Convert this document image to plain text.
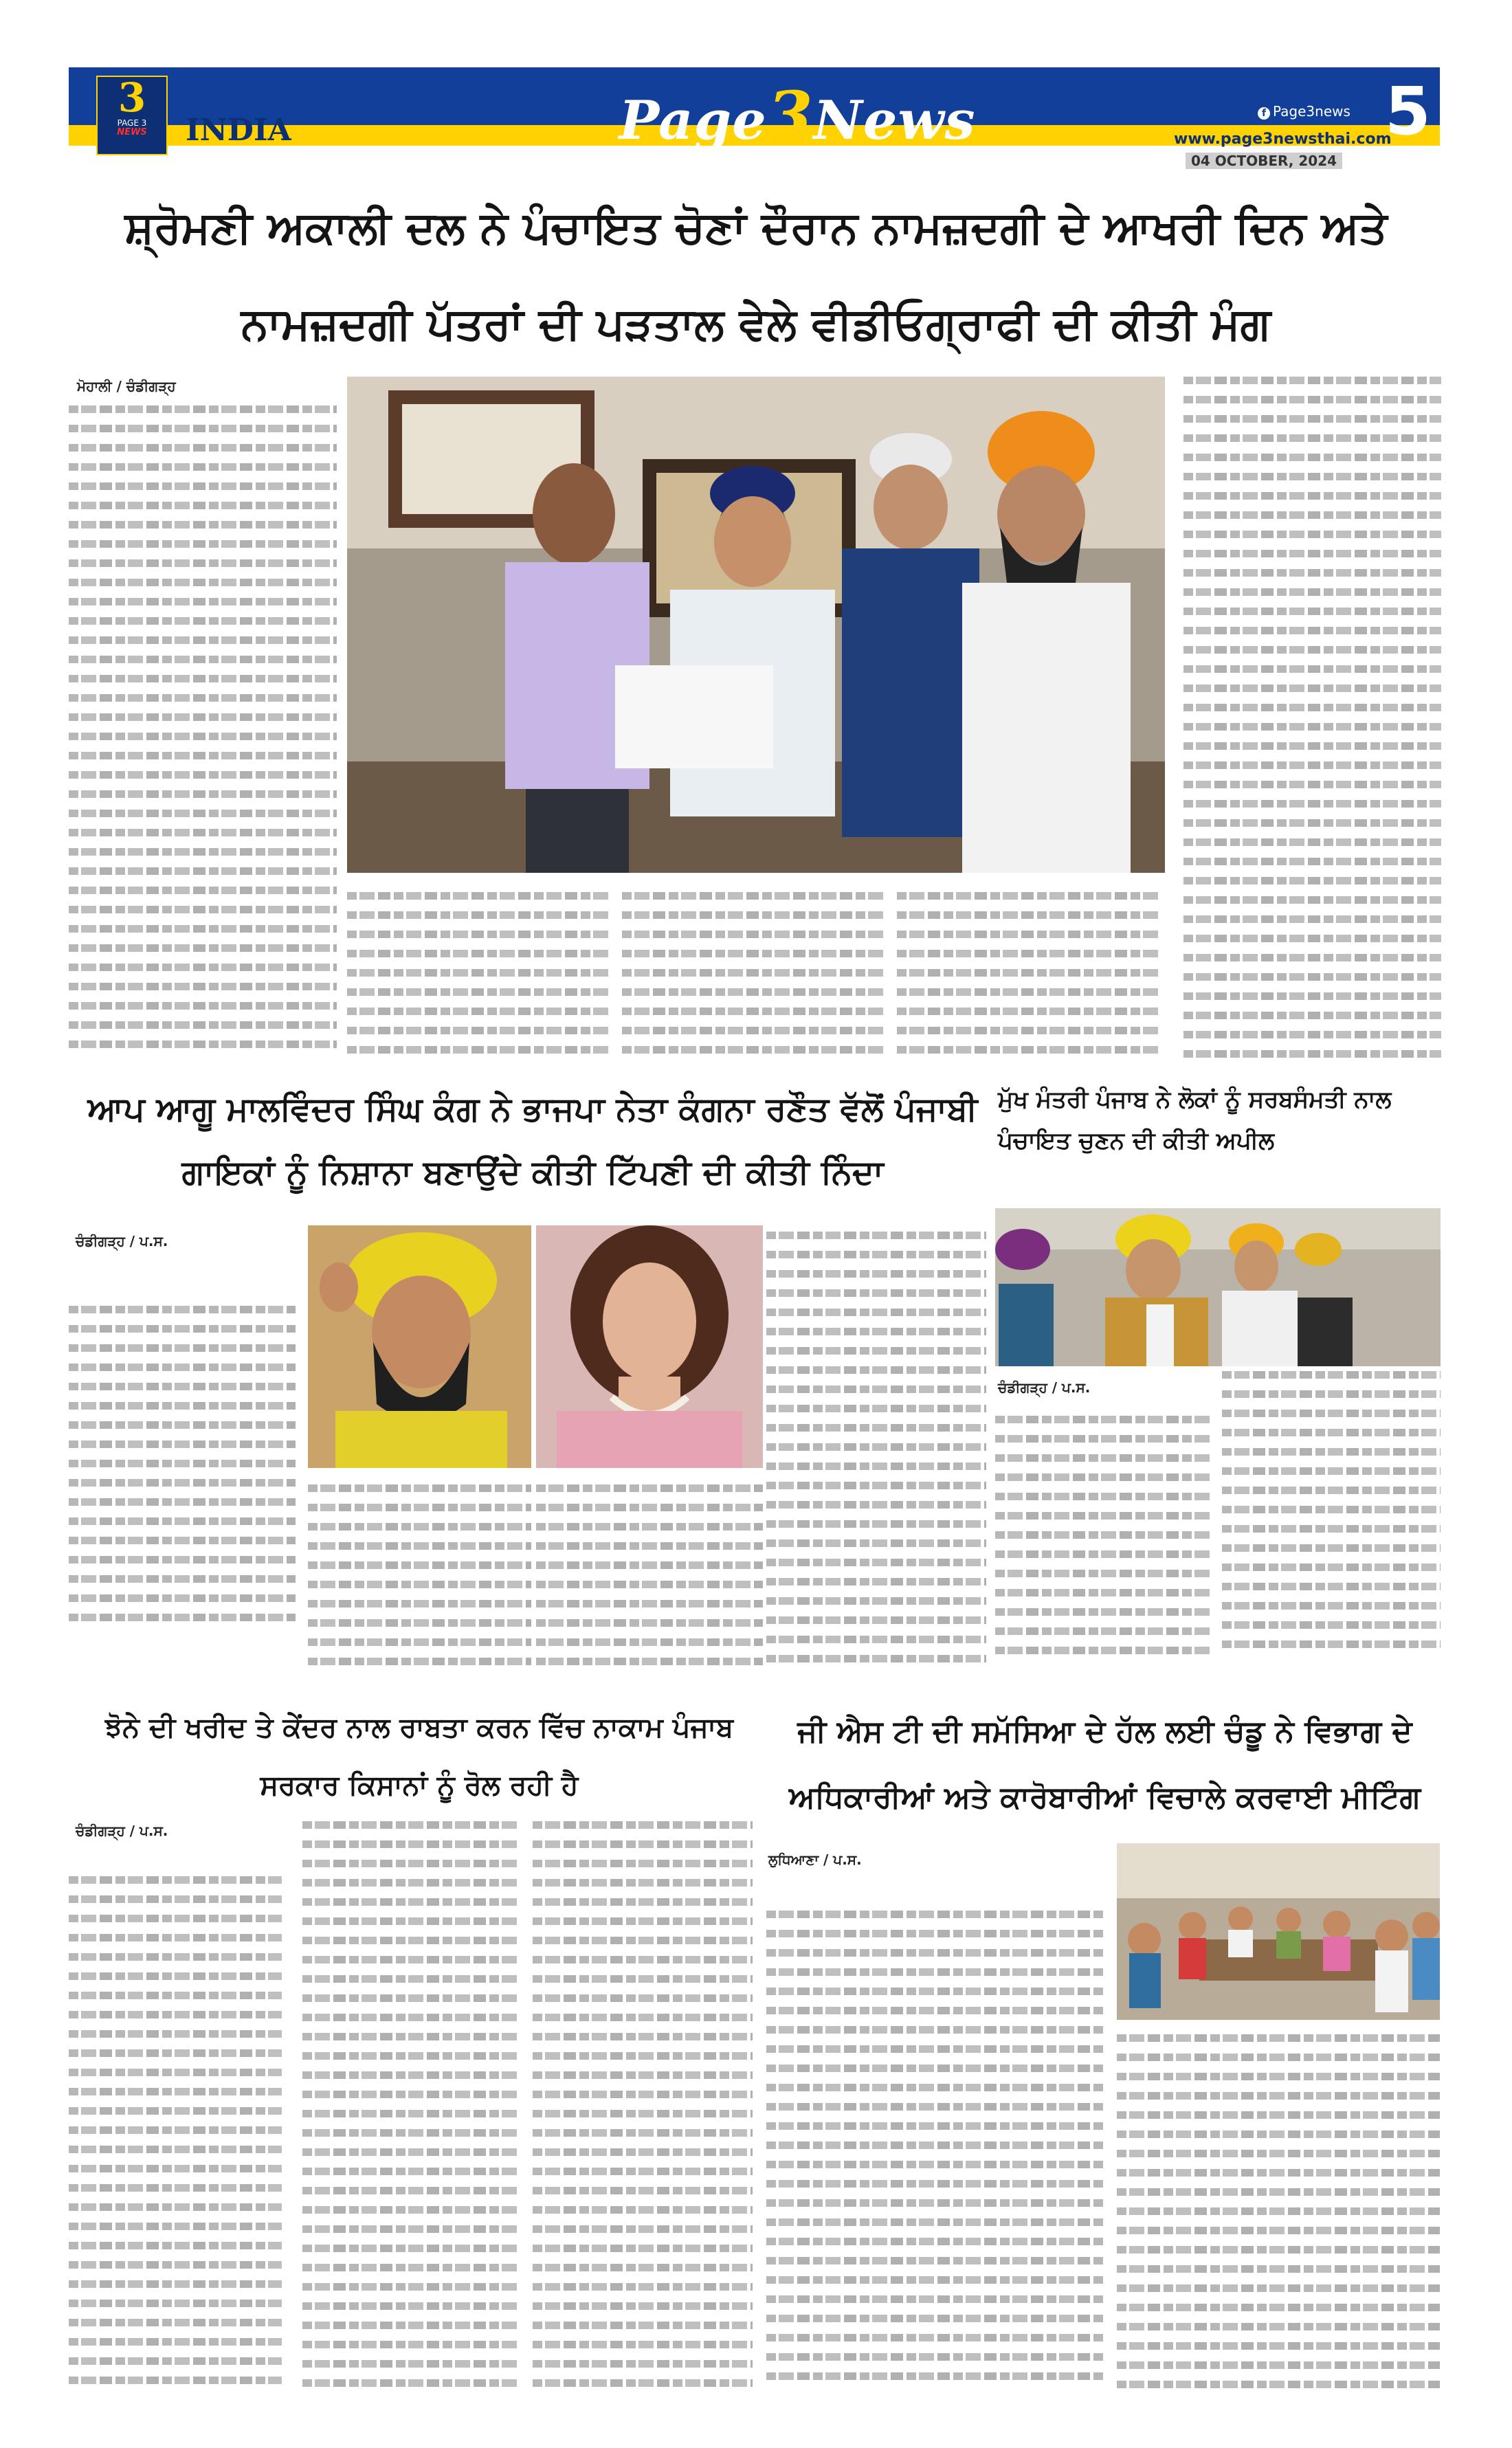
3
PAGE 3
NEWS	INDIA	Page3News	f Page3news
www.page3newsthai.com
04 OCTOBER, 2024
5
ਸ਼੍ਰੋਮਣੀ ਅਕਾਲੀ ਦਲ ਨੇ ਪੰਚਾਇਤ ਚੋਣਾਂ ਦੌਰਾਨ ਨਾਮਜ਼ਦਗੀ ਦੇ ਆਖਰੀ ਦਿਨ ਅਤੇ ਨਾਮਜ਼ਦਗੀ ਪੱਤਰਾਂ ਦੀ ਪੜਤਾਲ ਵੇਲੇ ਵੀਡੀਓਗ੍ਰਾਫੀ ਦੀ ਕੀਤੀ ਮੰਗ
ਮੋਹਾਲੀ / ਚੰਡੀਗੜ੍ਹ
ਆਪ ਆਗੂ ਮਾਲਵਿੰਦਰ ਸਿੰਘ ਕੰਗ ਨੇ ਭਾਜਪਾ ਨੇਤਾ ਕੰਗਨਾ ਰਣੌਤ ਵੱਲੋਂ ਪੰਜਾਬੀ ਗਾਇਕਾਂ ਨੂੰ ਨਿਸ਼ਾਨਾ ਬਣਾਉਂਦੇ ਕੀਤੀ ਟਿੱਪਣੀ ਦੀ ਕੀਤੀ ਨਿੰਦਾ
ਚੰਡੀਗੜ੍ਹ / ਪ.ਸ.
ਮੁੱਖ ਮੰਤਰੀ ਪੰਜਾਬ ਨੇ ਲੋਕਾਂ ਨੂੰ ਸਰਬਸੰਮਤੀ ਨਾਲ ਪੰਚਾਇਤ ਚੁਣਨ ਦੀ ਕੀਤੀ ਅਪੀਲ
ਚੰਡੀਗੜ੍ਹ / ਪ.ਸ.
ਝੋਨੇ ਦੀ ਖਰੀਦ ਤੇ ਕੇਂਦਰ ਨਾਲ ਰਾਬਤਾ ਕਰਨ ਵਿੱਚ ਨਾਕਾਮ ਪੰਜਾਬ ਸਰਕਾਰ ਕਿਸਾਨਾਂ ਨੂੰ ਰੋਲ ਰਹੀ ਹੈ
ਚੰਡੀਗੜ੍ਹ / ਪ.ਸ.
ਜੀ ਐਸ ਟੀ ਦੀ ਸਮੱਸਿਆ ਦੇ ਹੱਲ ਲਈ ਚੰਡੂ ਨੇ ਵਿਭਾਗ ਦੇ ਅਧਿਕਾਰੀਆਂ ਅਤੇ ਕਾਰੋਬਾਰੀਆਂ ਵਿਚਾਲੇ ਕਰਵਾਈ ਮੀਟਿੰਗ
ਲੁਧਿਆਣਾ / ਪ.ਸ.
